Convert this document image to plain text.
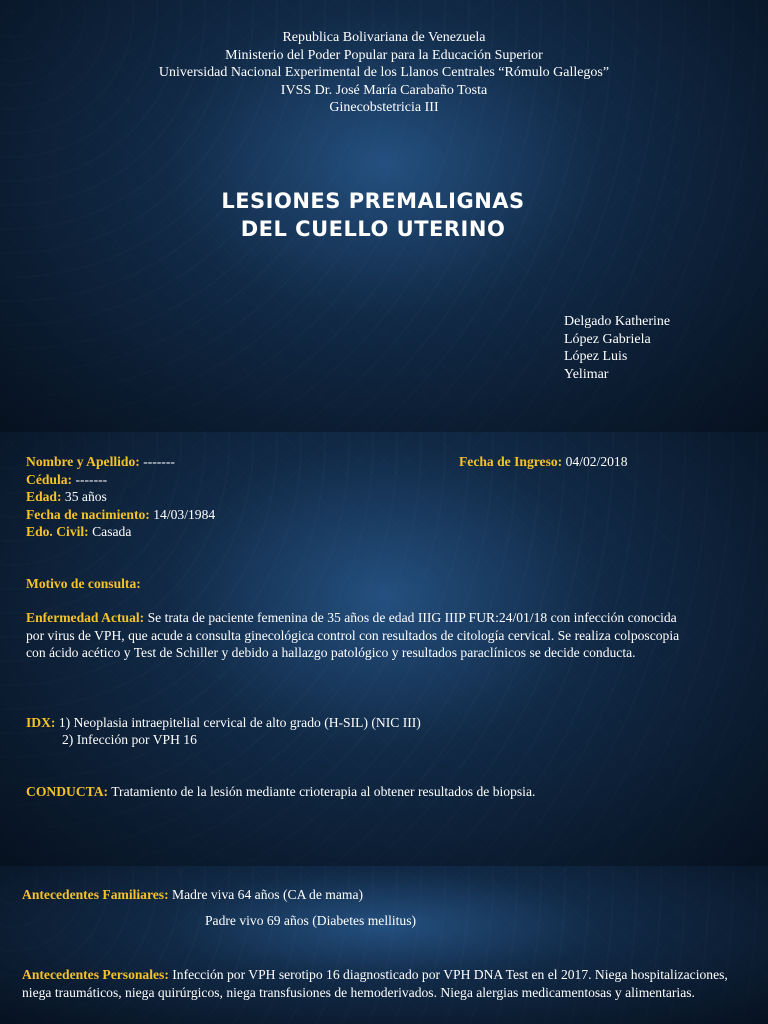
Republica Bolivariana de Venezuela
Ministerio del Poder Popular para la Educación Superior
Universidad Nacional Experimental de los Llanos Centrales “Rómulo Gallegos”
IVSS Dr. José María Carabaño Tosta
Ginecobstetricia III
LESIONES PREMALIGNAS
DEL CUELLO UTERINO
Delgado Katherine
López Gabriela
López Luis
Yelimar
Nombre y Apellido: -------	Fecha de Ingreso: 04/02/2018
Cédula: -------
Edad: 35 años
Fecha de nacimiento: 14/03/1984
Edo. Civil: Casada
Motivo de consulta:
Enfermedad Actual: Se trata de paciente femenina de 35 años de edad IIIG IIIP FUR:24/01/18 con infección conocida por virus de VPH, que acude a consulta ginecológica control con resultados de citología cervical. Se realiza colposcopia con ácido acético y Test de Schiller y debido a hallazgo patológico y resultados paraclínicos se decide conducta.
IDX: 1) Neoplasia intraepitelial cervical de alto grado (H-SIL) (NIC III)
2) Infección por VPH 16
CONDUCTA: Tratamiento de la lesión mediante crioterapia al obtener resultados de biopsia.
Antecedentes Familiares: Madre viva 64 años (CA de mama)
Padre vivo 69 años (Diabetes mellitus)
Antecedentes Personales: Infección por VPH serotipo 16 diagnosticado por VPH DNA Test en el 2017. Niega hospitalizaciones, niega traumáticos, niega quirúrgicos, niega transfusiones de hemoderivados. Niega alergias medicamentosas y alimentarias.
